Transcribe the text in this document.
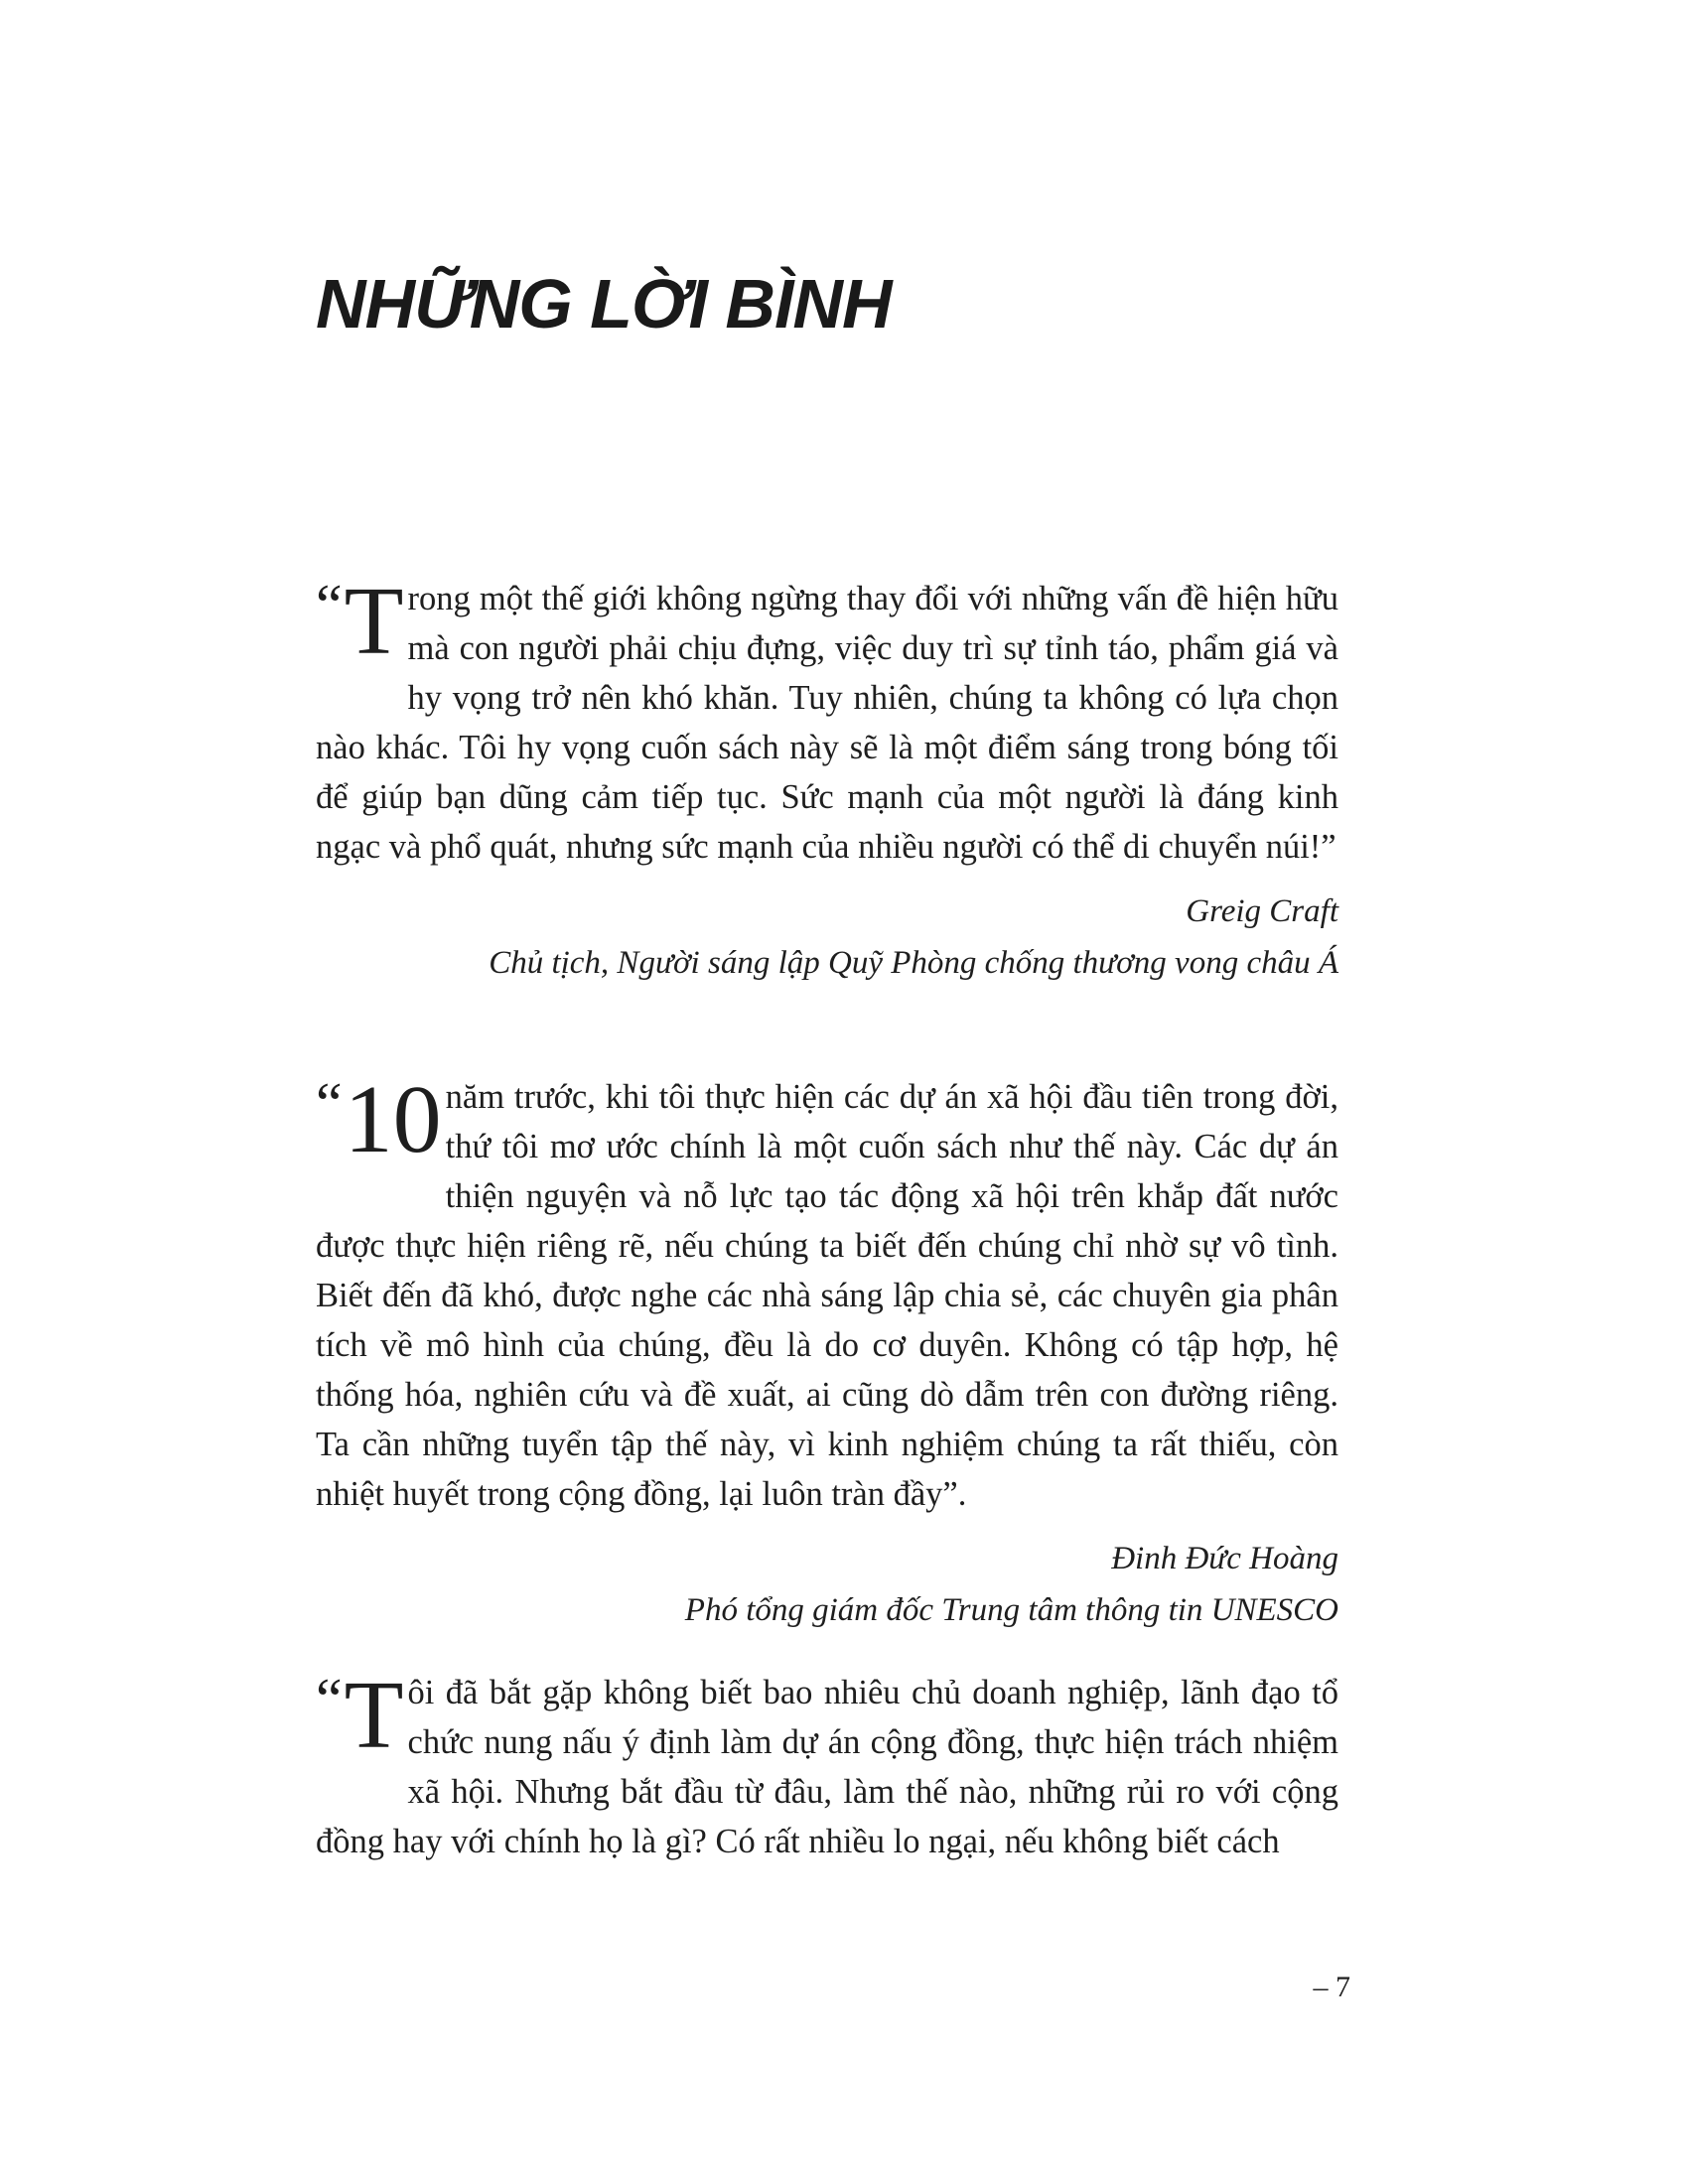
NHỮNG LỜI BÌNH

“ T rong một thế giới không ngừng thay đổi với những vấn đề hiện hữu mà con người phải chịu đựng, việc duy trì sự tỉnh táo, phẩm giá và hy vọng trở nên khó khăn. Tuy nhiên, chúng ta không có lựa chọn nào khác. Tôi hy vọng cuốn sách này sẽ là một điểm sáng trong bóng tối để giúp bạn dũng cảm tiếp tục. Sức mạnh của một người là đáng kinh ngạc và phổ quát, nhưng sức mạnh của nhiều người có thể di chuyển núi!”

Greig Craft
Chủ tịch, Người sáng lập Quỹ Phòng chống thương vong châu Á

“ 10 năm trước, khi tôi thực hiện các dự án xã hội đầu tiên trong đời, thứ tôi mơ ước chính là một cuốn sách như thế này. Các dự án thiện nguyện và nỗ lực tạo tác động xã hội trên khắp đất nước được thực hiện riêng rẽ, nếu chúng ta biết đến chúng chỉ nhờ sự vô tình. Biết đến đã khó, được nghe các nhà sáng lập chia sẻ, các chuyên gia phân tích về mô hình của chúng, đều là do cơ duyên. Không có tập hợp, hệ thống hóa, nghiên cứu và đề xuất, ai cũng dò dẫm trên con đường riêng. Ta cần những tuyển tập thế này, vì kinh nghiệm chúng ta rất thiếu, còn nhiệt huyết trong cộng đồng, lại luôn tràn đầy”.

Đinh Đức Hoàng
Phó tổng giám đốc Trung tâm thông tin UNESCO

“ T ôi đã bắt gặp không biết bao nhiêu chủ doanh nghiệp, lãnh đạo tổ chức nung nấu ý định làm dự án cộng đồng, thực hiện trách nhiệm xã hội. Nhưng bắt đầu từ đâu, làm thế nào, những rủi ro với cộng đồng hay với chính họ là gì? Có rất nhiều lo ngại, nếu không biết cách

– 7
